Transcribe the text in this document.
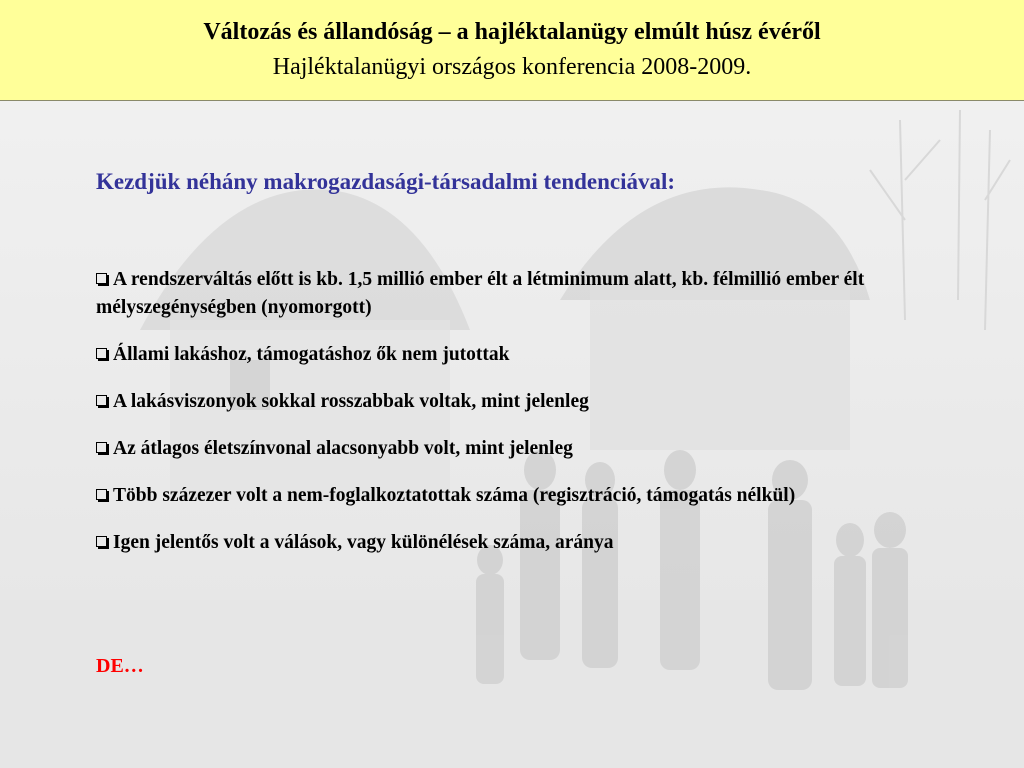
Változás és állandóság – a hajléktalanügy elmúlt húsz évéről
Hajléktalanügyi országos konferencia 2008-2009.
Kezdjük néhány makrogazdasági-társadalmi tendenciával:
A rendszerváltás előtt is kb. 1,5 millió ember élt a létminimum alatt, kb. félmillió ember élt mélyszegénységben (nyomorgott)
Állami lakáshoz, támogatáshoz ők nem jutottak
A lakásviszonyok sokkal rosszabbak voltak, mint jelenleg
Az átlagos életszínvonal alacsonyabb volt, mint jelenleg
Több százezer volt a nem-foglalkoztatottak száma (regisztráció, támogatás nélkül)
Igen jelentős volt a válások, vagy különélések száma, aránya
DE…
